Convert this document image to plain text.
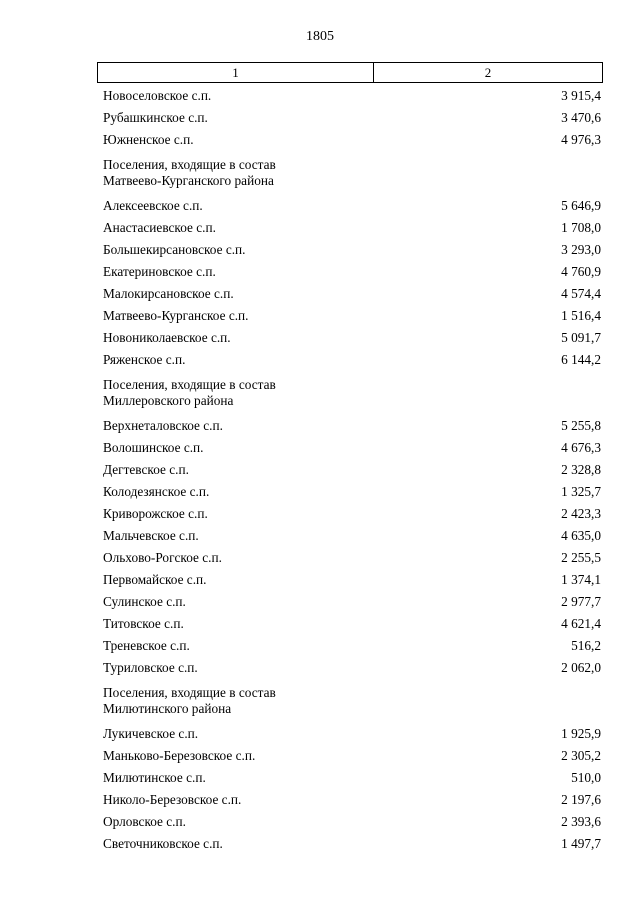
1805
1	2
Новоселовское с.п.	3 915,4
Рубашкинское с.п.	3 470,6
Южненское с.п.	4 976,3
Поселения, входящие в состав
Матвеево-Курганского района
Алексеевское с.п.	5 646,9
Анастасиевское с.п.	1 708,0
Большекирсановское с.п.	3 293,0
Екатериновское с.п.	4 760,9
Малокирсановское с.п.	4 574,4
Матвеево-Курганское с.п.	1 516,4
Новониколаевское с.п.	5 091,7
Ряженское с.п.	6 144,2
Поселения, входящие в состав
Миллеровского района
Верхнеталовское с.п.	5 255,8
Волошинское с.п.	4 676,3
Дегтевское с.п.	2 328,8
Колодезянское с.п.	1 325,7
Криворожское с.п.	2 423,3
Мальчевское с.п.	4 635,0
Ольхово-Рогское с.п.	2 255,5
Первомайское с.п.	1 374,1
Сулинское с.п.	2 977,7
Титовское с.п.	4 621,4
Треневское с.п.	516,2
Туриловское с.п.	2 062,0
Поселения, входящие в состав
Милютинского района
Лукичевское с.п.	1 925,9
Маньково-Березовское с.п.	2 305,2
Милютинское с.п.	510,0
Николо-Березовское с.п.	2 197,6
Орловское с.п.	2 393,6
Светочниковское с.п.	1 497,7
